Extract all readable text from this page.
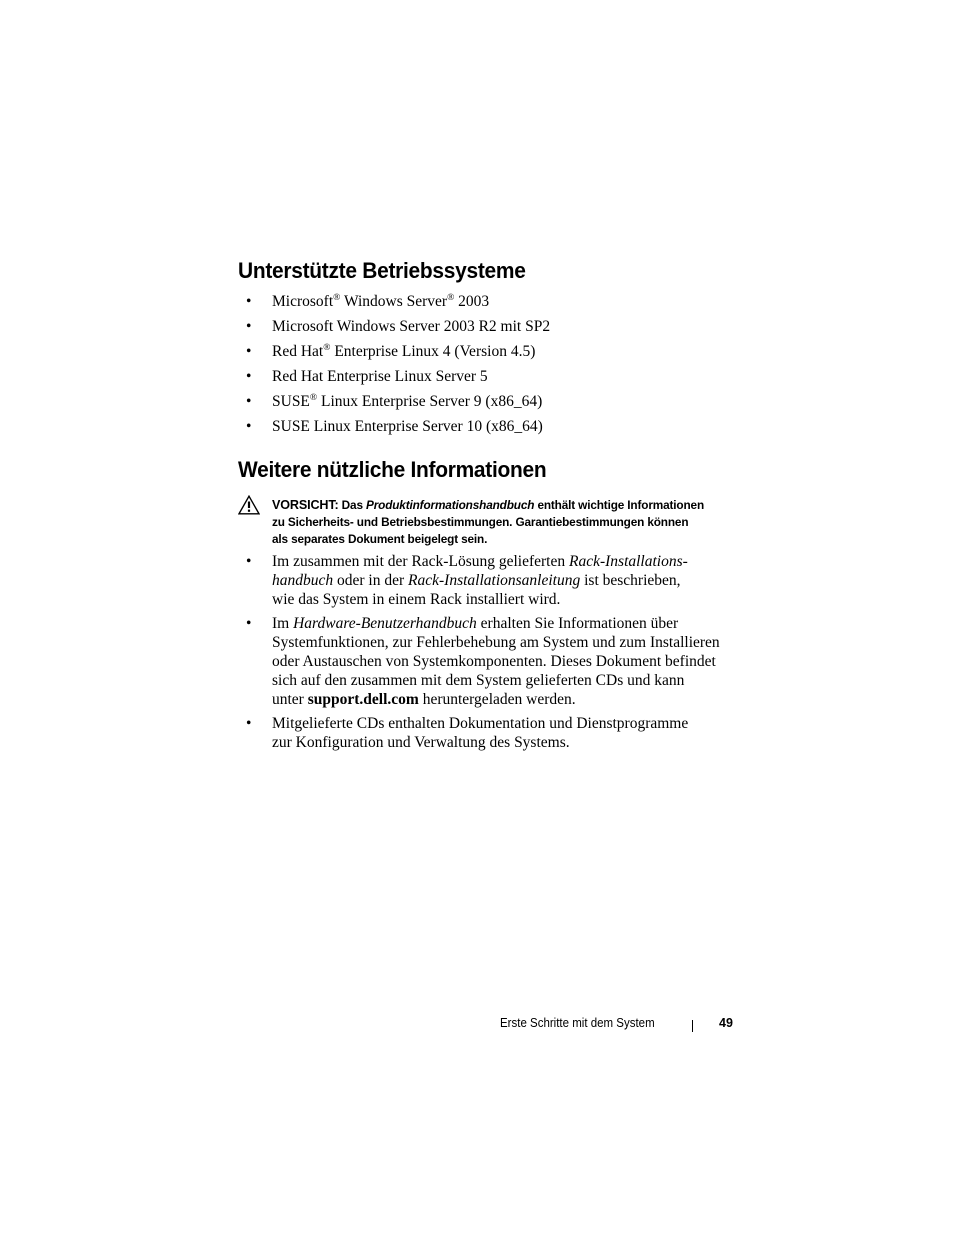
Unterstützte Betriebssysteme
• Microsoft® Windows Server® 2003
• Microsoft Windows Server 2003 R2 mit SP2
• Red Hat® Enterprise Linux 4 (Version 4.5)
• Red Hat Enterprise Linux Server 5
• SUSE® Linux Enterprise Server 9 (x86_64)
• SUSE Linux Enterprise Server 10 (x86_64)
Weitere nützliche Informationen
VORSICHT: Das Produktinformationshandbuch enthält wichtige Informationen
zu Sicherheits- und Betriebsbestimmungen. Garantiebestimmungen können
als separates Dokument beigelegt sein.
• Im zusammen mit der Rack-Lösung gelieferten Rack-Installations-
handbuch oder in der Rack-Installationsanleitung ist beschrieben,
wie das System in einem Rack installiert wird.
• Im Hardware-Benutzerhandbuch erhalten Sie Informationen über
Systemfunktionen, zur Fehlerbehebung am System und zum Installieren
oder Austauschen von Systemkomponenten. Dieses Dokument befindet
sich auf den zusammen mit dem System gelieferten CDs und kann
unter support.dell.com heruntergeladen werden.
• Mitgelieferte CDs enthalten Dokumentation und Dienstprogramme
zur Konfiguration und Verwaltung des Systems.
Erste Schritte mit dem System	49
